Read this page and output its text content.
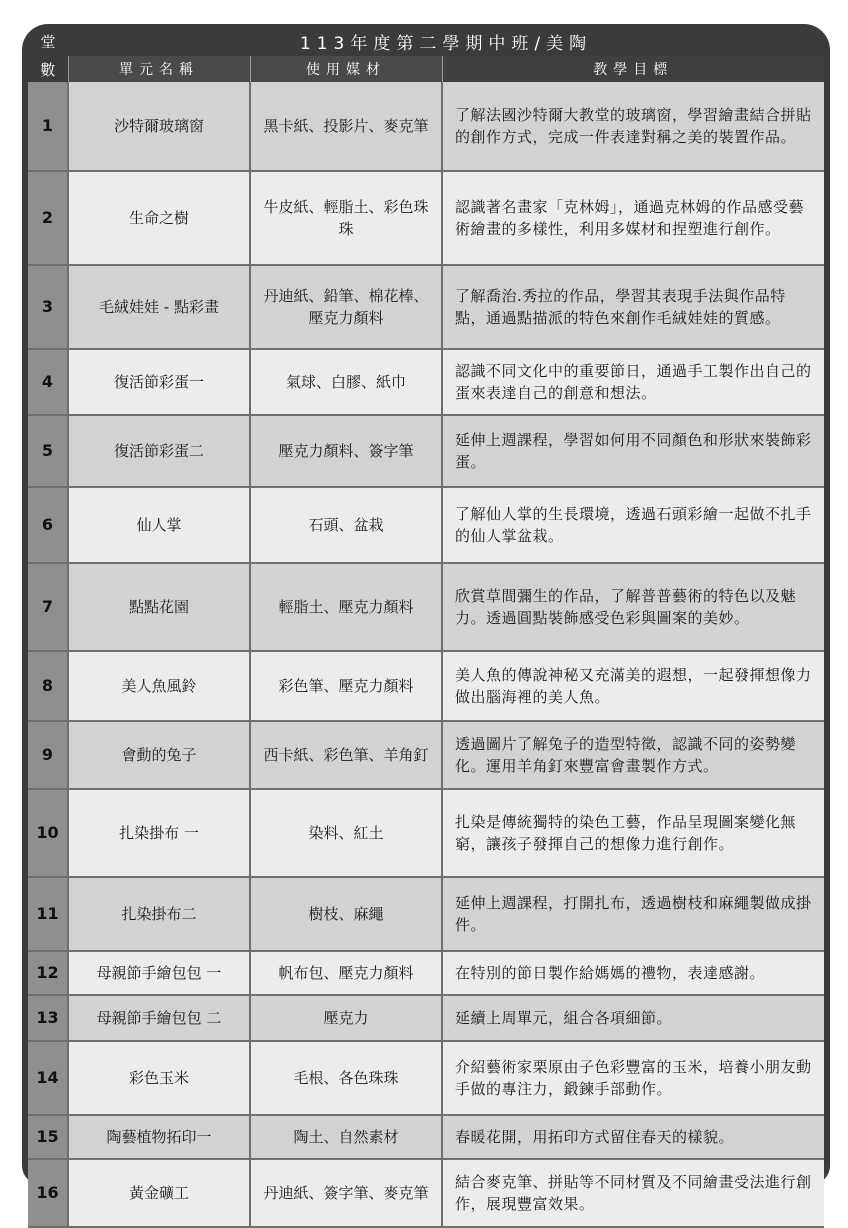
堂	113年度第二學期中班/美陶		
數	單元名稱	使用媒材	教學目標
1	沙特爾玻璃窗	黑卡紙、投影片、麥克筆	了解法國沙特爾大教堂的玻璃窗，學習繪畫結合拼貼的創作方式，完成一件表達對稱之美的裝置作品。
2	生命之樹	牛皮紙、輕脂土、彩色珠珠	認識著名畫家「克林姆」，通過克林姆的作品感受藝術繪畫的多樣性，利用多媒材和捏塑進行創作。
3	毛絨娃娃 - 點彩畫	丹迪紙、鉛筆、棉花棒、壓克力顏料	了解喬治.秀拉的作品，學習其表現手法與作品特點，通過點描派的特色來創作毛絨娃娃的質感。
4	復活節彩蛋一	氣球、白膠、紙巾	認識不同文化中的重要節日，通過手工製作出自己的蛋來表達自己的創意和想法。
5	復活節彩蛋二	壓克力顏料、簽字筆	延伸上週課程，學習如何用不同顏色和形狀來裝飾彩蛋。
6	仙人掌	石頭、盆栽	了解仙人掌的生長環境，透過石頭彩繪一起做不扎手的仙人掌盆栽。
7	點點花園	輕脂土、壓克力顏料	欣賞草間彌生的作品，了解普普藝術的特色以及魅力。透過圓點裝飾感受色彩與圖案的美妙。
8	美人魚風鈴	彩色筆、壓克力顏料	美人魚的傳說神秘又充滿美的遐想，一起發揮想像力做出腦海裡的美人魚。
9	會動的兔子	西卡紙、彩色筆、羊角釘	透過圖片了解兔子的造型特徵，認識不同的姿勢變化。運用羊角釘來豐富會畫製作方式。
10	扎染掛布 一	染料、紅土	扎染是傳統獨特的染色工藝，作品呈現圖案變化無窮，讓孩子發揮自己的想像力進行創作。
11	扎染掛布二	樹枝、麻繩	延伸上週課程，打開扎布，透過樹枝和麻繩製做成掛件。
12	母親節手繪包包 一	帆布包、壓克力顏料	在特別的節日製作給媽媽的禮物，表達感謝。
13	母親節手繪包包 二	壓克力	延續上周單元，組合各項細節。
14	彩色玉米	毛根、各色珠珠	介紹藝術家栗原由子色彩豐富的玉米，培養小朋友動手做的專注力，鍛鍊手部動作。
15	陶藝植物拓印一	陶土、自然素材	春暖花開，用拓印方式留住春天的樣貌。
16	黃金礦工	丹迪紙、簽字筆、麥克筆	結合麥克筆、拼貼等不同材質及不同繪畫受法進行創作，展現豐富效果。
